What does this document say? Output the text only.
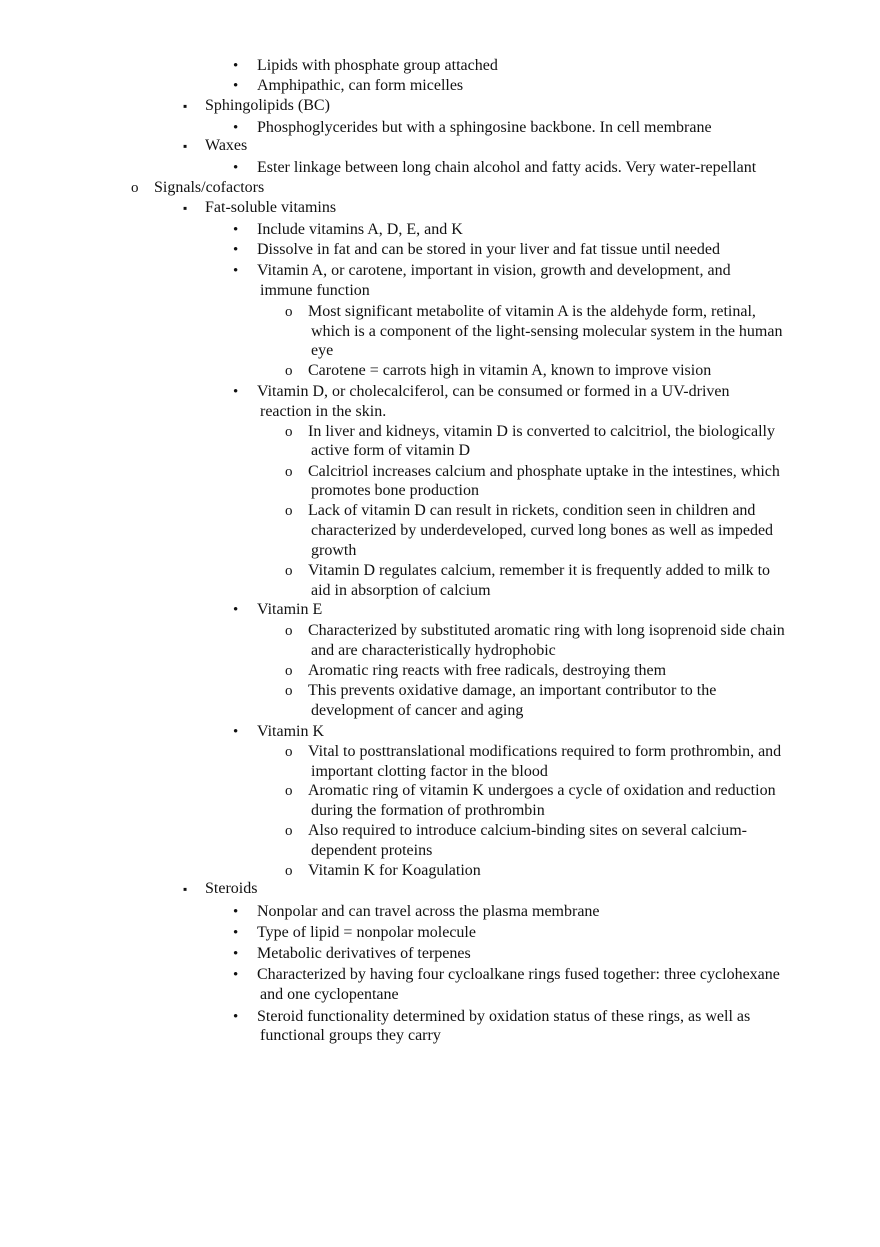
• Lipids with phosphate group attached
• Amphipathic, can form micelles
▪ Sphingolipids (BC)
• Phosphoglycerides but with a sphingosine backbone. In cell membrane
▪ Waxes
• Ester linkage between long chain alcohol and fatty acids. Very water-repellant
o Signals/cofactors
▪ Fat-soluble vitamins
• Include vitamins A, D, E, and K
• Dissolve in fat and can be stored in your liver and fat tissue until needed
• Vitamin A, or carotene, important in vision, growth and development, and
immune function
o Most significant metabolite of vitamin A is the aldehyde form, retinal,
which is a component of the light-sensing molecular system in the human
eye
o Carotene = carrots high in vitamin A, known to improve vision
• Vitamin D, or cholecalciferol, can be consumed or formed in a UV-driven
reaction in the skin.
o In liver and kidneys, vitamin D is converted to calcitriol, the biologically
active form of vitamin D
o Calcitriol increases calcium and phosphate uptake in the intestines, which
promotes bone production
o Lack of vitamin D can result in rickets, condition seen in children and
characterized by underdeveloped, curved long bones as well as impeded
growth
o Vitamin D regulates calcium, remember it is frequently added to milk to
aid in absorption of calcium
• Vitamin E
o Characterized by substituted aromatic ring with long isoprenoid side chain
and are characteristically hydrophobic
o Aromatic ring reacts with free radicals, destroying them
o This prevents oxidative damage, an important contributor to the
development of cancer and aging
• Vitamin K
o Vital to posttranslational modifications required to form prothrombin, and
important clotting factor in the blood
o Aromatic ring of vitamin K undergoes a cycle of oxidation and reduction
during the formation of prothrombin
o Also required to introduce calcium-binding sites on several calcium-
dependent proteins
o Vitamin K for Koagulation
▪ Steroids
• Nonpolar and can travel across the plasma membrane
• Type of lipid = nonpolar molecule
• Metabolic derivatives of terpenes
• Characterized by having four cycloalkane rings fused together: three cyclohexane
and one cyclopentane
• Steroid functionality determined by oxidation status of these rings, as well as
functional groups they carry
